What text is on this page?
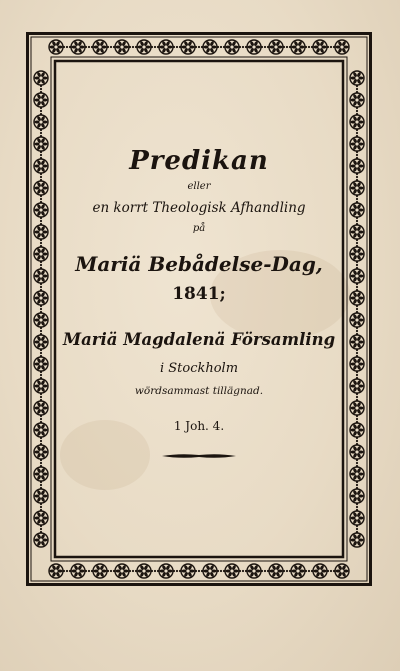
Predikan
eller
en korrt Theologisk Afhandling
på
Mariä Bebådelse-Dag,
1841;
Mariä Magdalenä Församling
i Stockholm
wördsammast tillägnad.
1 Joh. 4.
